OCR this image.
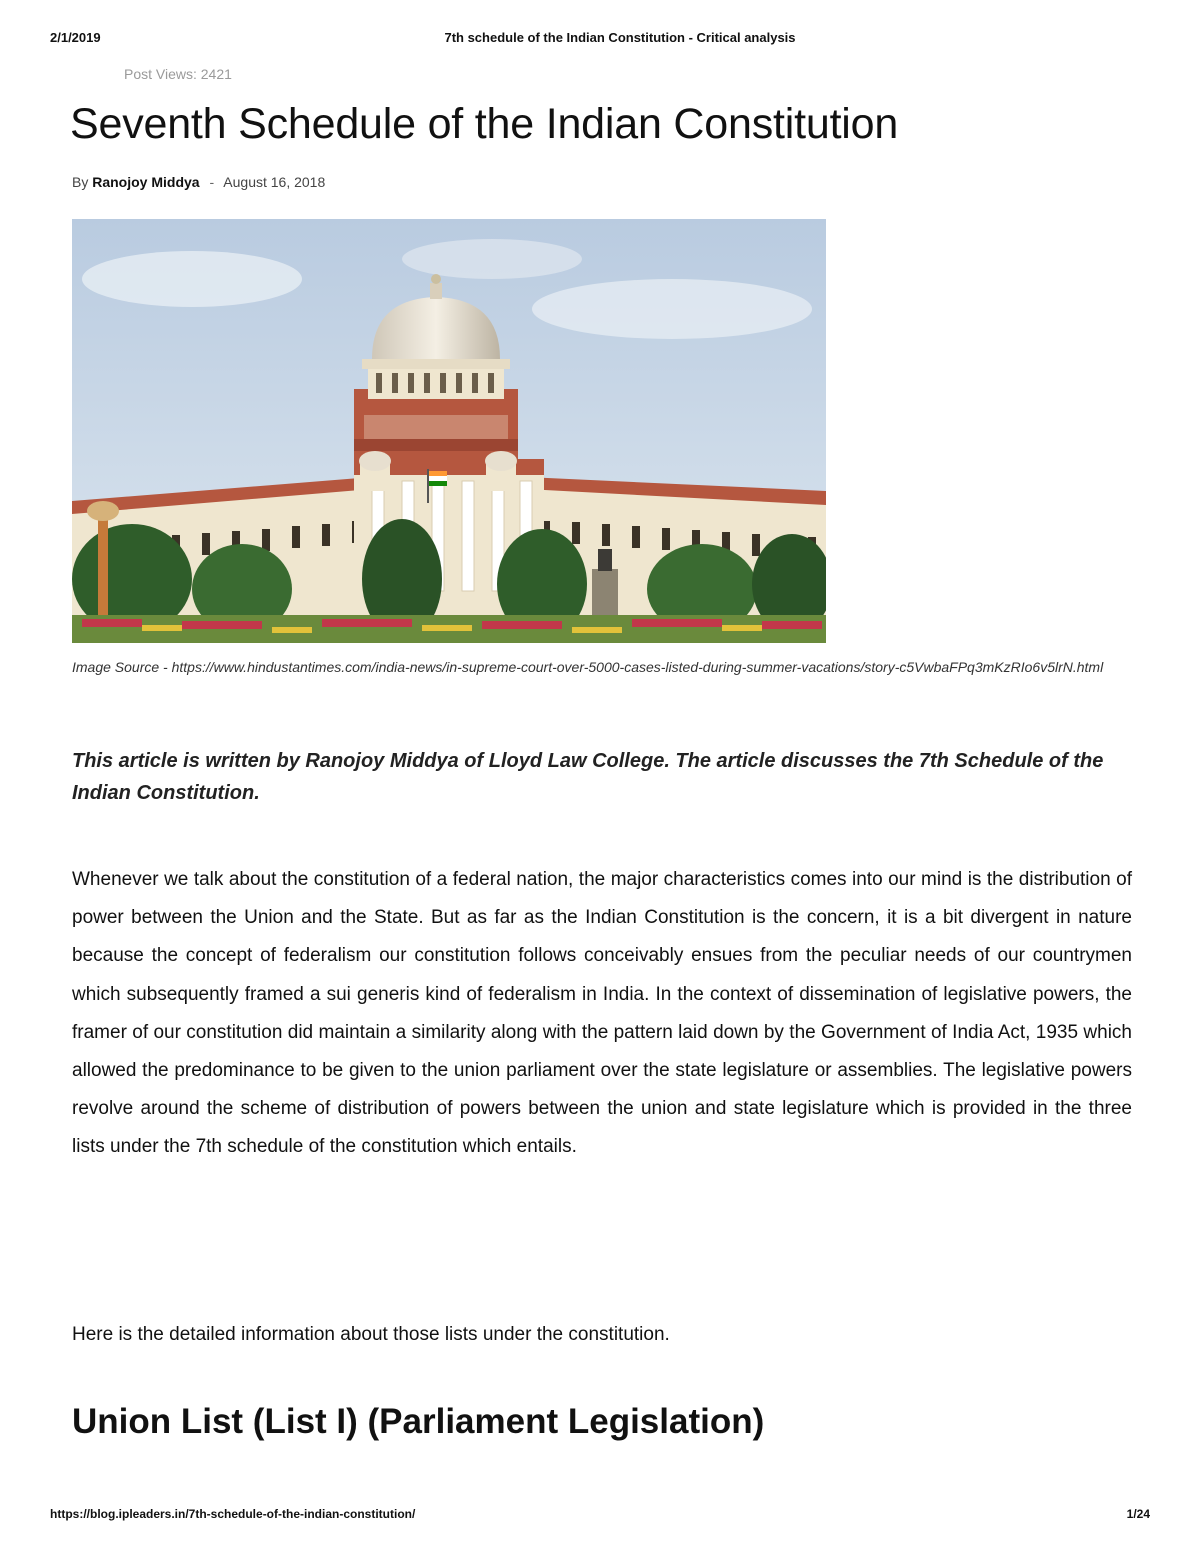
2/1/2019	7th schedule of the Indian Constitution - Critical analysis
Post Views: 2421
Seventh Schedule of the Indian Constitution
By Ranojoy Middya - August 16, 2018
Image Source - https://www.hindustantimes.com/india-news/in-supreme-court-over-5000-cases-listed-during-summer-vacations/story-c5VwbaFPq3mKzRIo6v5lrN.html

This article is written by Ranojoy Middya of Lloyd Law College. The article discusses the 7th Schedule of the Indian Constitution.

Whenever we talk about the constitution of a federal nation, the major characteristics comes into our mind is the distribution of power between the Union and the State. But as far as the Indian Constitution is the concern, it is a bit divergent in nature because the concept of federalism our constitution follows conceivably ensues from the peculiar needs of our countrymen which subsequently framed a sui generis kind of federalism in India. In the context of dissemination of legislative powers, the framer of our constitution did maintain a similarity along with the pattern laid down by the Government of India Act, 1935 which allowed the predominance to be given to the union parliament over the state legislature or assemblies. The legislative powers revolve around the scheme of distribution of powers between the union and state legislature which is provided in the three lists under the 7th schedule of the constitution which entails.

Here is the detailed information about those lists under the constitution.

Union List (List I) (Parliament Legislation)
https://blog.ipleaders.in/7th-schedule-of-the-indian-constitution/	1/24
